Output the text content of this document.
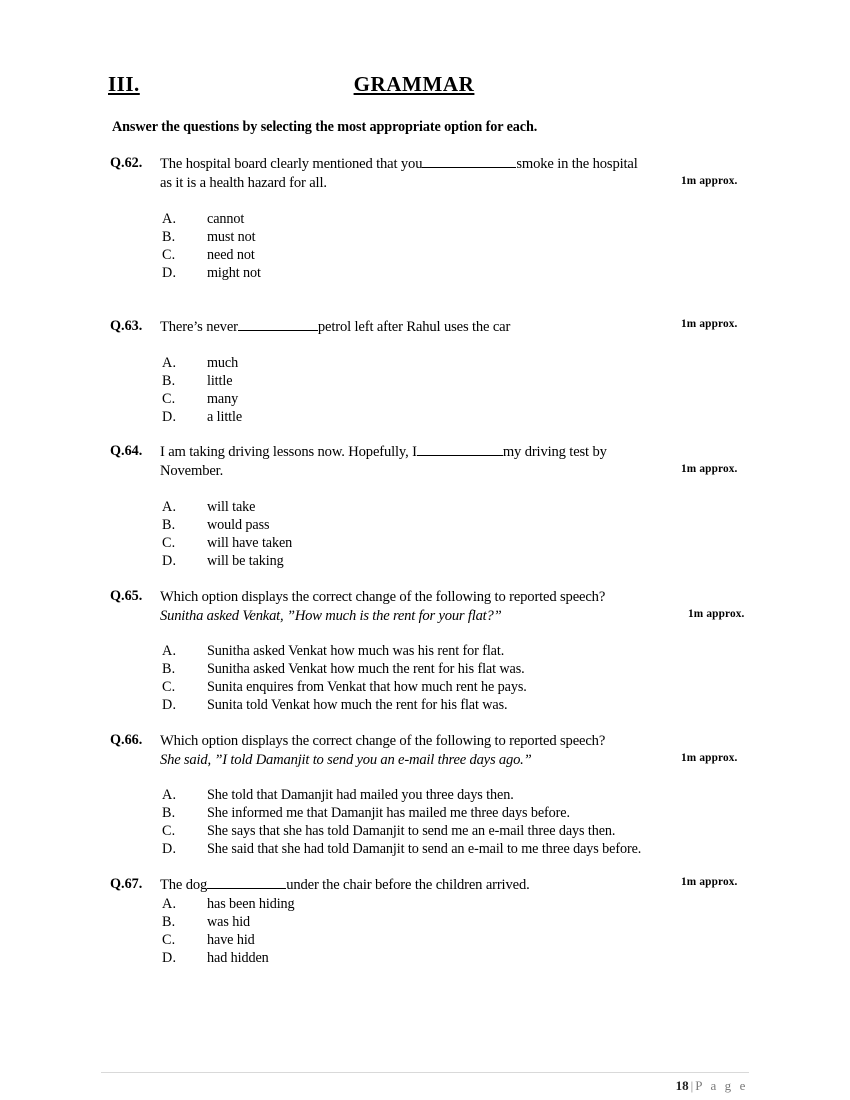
III.	GRAMMAR
Answer the questions by selecting the most appropriate option for each.
Q.62.	The hospital board clearly mentioned that you	smoke in the hospital
as it is a health hazard for all.	1m approx.
A.	cannot
B.	must not
C.	need not
D.	might not
Q.63.	There’s never	petrol left after Rahul uses the car	1m approx.
A.	much
B.	little
C.	many
D.	a little
Q.64.	I am taking driving lessons now. Hopefully, I	my driving test by
November.	1m approx.
A.	will take
B.	would pass
C.	will have taken
D.	will be taking
Q.65.	Which option displays the correct change of the following to reported speech?
Sunitha asked Venkat, ”How much is the rent for your flat?”	1m approx.
A.	Sunitha asked Venkat how much was his rent for flat.
B.	Sunitha asked Venkat how much the rent for his flat was.
C.	Sunita enquires from Venkat that how much rent he pays.
D.	Sunita told Venkat how much the rent for his flat was.
Q.66.	Which option displays the correct change of the following to reported speech?
She said, ”I told Damanjit to send you an e-mail three days ago.”	1m approx.
A.	She told that Damanjit had mailed you three days then.
B.	She informed me that Damanjit has mailed me three days before.
C.	She says that she has told Damanjit to send me an e-mail three days then.
D.	She said that she had told Damanjit to send an e-mail to me three days before.
Q.67.	The dog	under the chair before the children arrived.	1m approx.
A.	has been hiding
B.	was hid
C.	have hid
D.	had hidden
18 | P a g e
